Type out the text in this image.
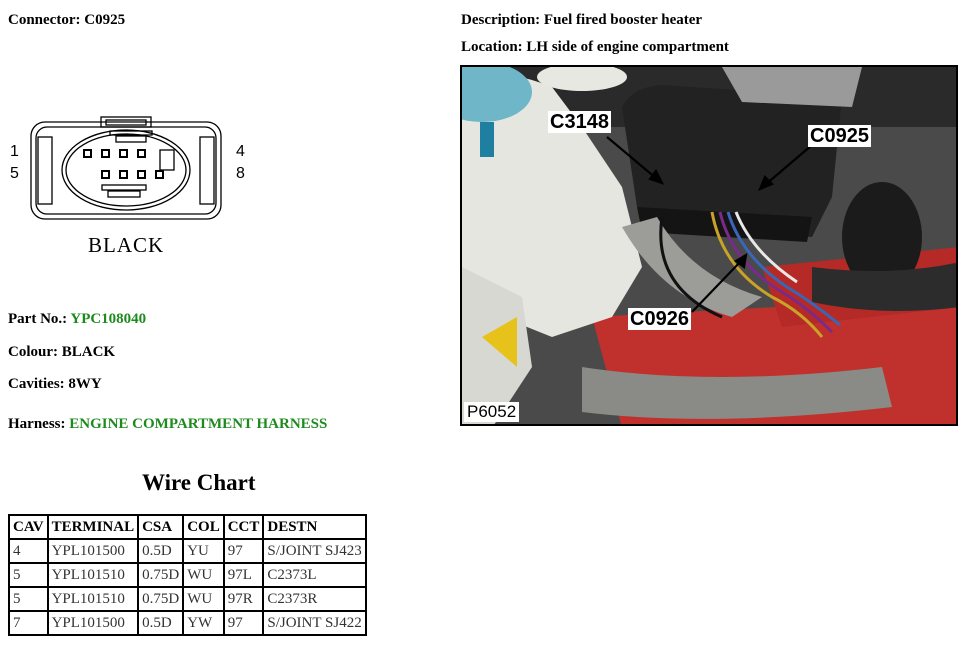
Connector: C0925	Description: Fuel fired booster heater
Location: LH side of engine compartment
1
5
4
8
BLACK
Part No.: YPC108040
Colour: BLACK
Cavities: 8WY
Harness: ENGINE COMPARTMENT HARNESS
C3148
C0925
C0926
P6052
Wire Chart
CAV	TERMINAL	CSA	COL	CCT	DESTN
4	YPL101500	0.5D	YU	97	S/JOINT SJ423
5	YPL101510	0.75D	WU	97L	C2373L
5	YPL101510	0.75D	WU	97R	C2373R
7	YPL101500	0.5D	YW	97	S/JOINT SJ422
